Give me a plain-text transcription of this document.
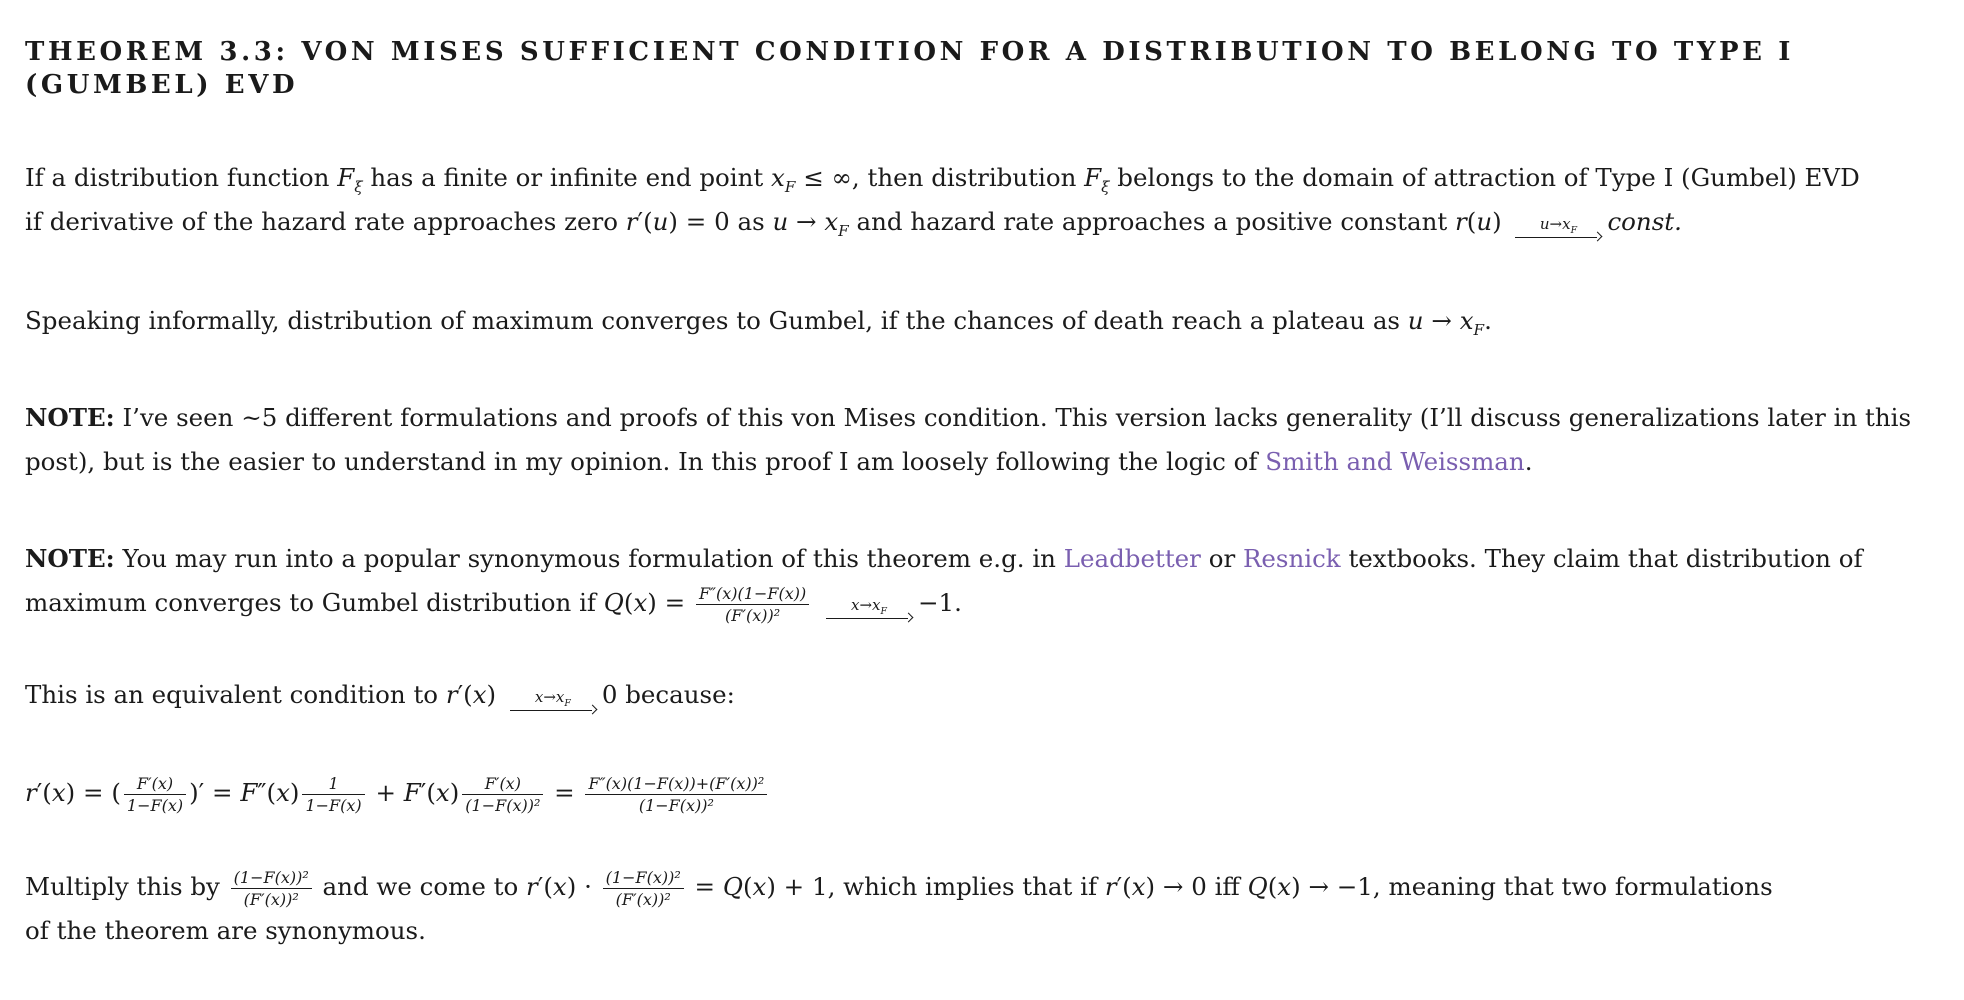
THEOREM 3.3: VON MISES SUFFICIENT CONDITION FOR A DISTRIBUTION TO BELONG TO TYPE I
(GUMBEL) EVD

If a distribution function $F_\xi$ has a finite or infinite end point $x_F$ ≤ ∞, then distribution $F_\xi$ belongs to the domain of attraction of Type I (Gumbel) EVD
if derivative of the hazard rate approaches zero r′(u) = 0 as $u \to x_F$ and hazard rate approaches a positive constant r(u)	$u\to x_F$	const.

Speaking informally, distribution of maximum converges to Gumbel, if the chances of death reach a plateau as $u \to x_F$.

NOTE: I’ve seen ~5 different formulations and proofs of this von Mises condition. This version lacks generality (I’ll discuss generalizations later in this
post), but is the easier to understand in my opinion. In this proof I am loosely following the logic of Smith and Weissman.

NOTE: You may run into a popular synonymous formulation of this theorem e.g. in Leadbetter or Resnick textbooks. They claim that distribution of
maximum converges to Gumbel distribution if $Q(x) = \frac{F''(x)(1-F(x))}{\text{(F′(x))²}}$
	$x\to x_F$	−1.

This is an equivalent condition to r′(x)	$x\to x_F$	0 because:

r′(x) = ( $\frac{F'(x)}{1-F(x)}$ )′ = $F''(x) \frac{1}{1-F(x)} + F'(x) \frac{F'(x)}{\text{(1−F(x))²}} = \frac{\text{F″(x)(1−F(x))+(F′(x))²}}{\text{(1−F(x))²}}$

Multiply this by $\frac{\text{(1−F(x))²}}{\text{(F′(x))²}}$ and we come to $r'(x) \cdot \frac{\text{(1−F(x))²}}{\text{(F′(x))²}} = Q(x) + 1$, which implies that if r′(x) → 0 iff Q(x) → −1, meaning that two formulations
of the theorem are synonymous.
